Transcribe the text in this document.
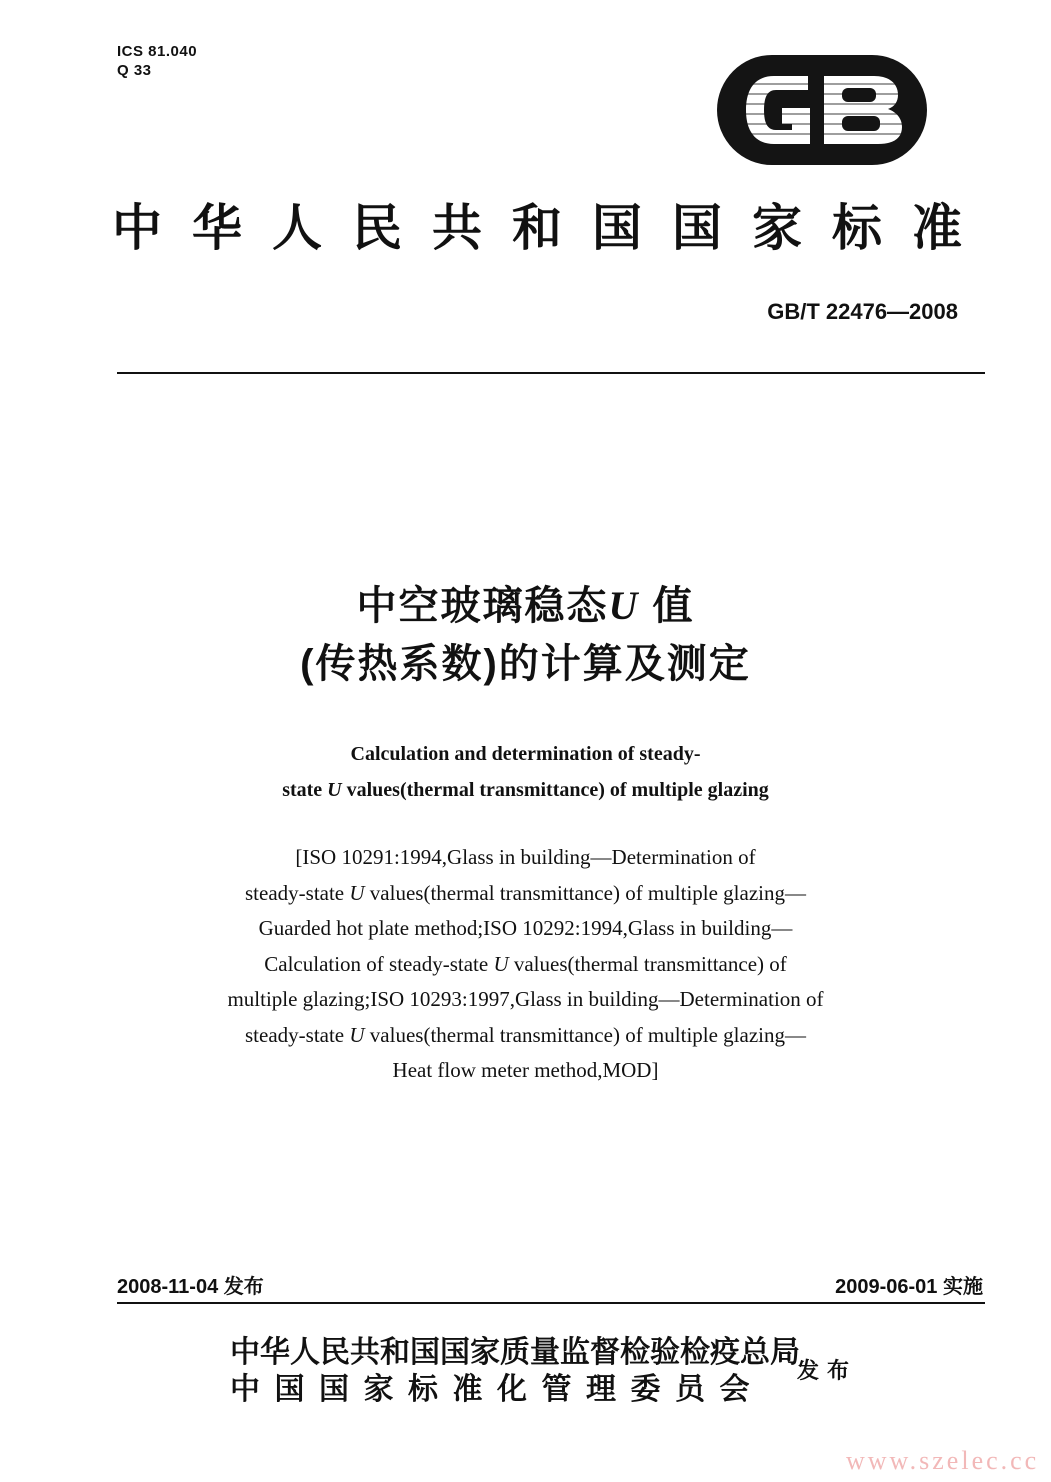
ICS 81.040
Q 33
中华人民共和国国家标准
GB/T 22476—2008
中空玻璃稳态U 值
(传热系数)的计算及测定
Calculation and determination of steady-
state U values(thermal transmittance) of multiple glazing
[ISO 10291:1994,Glass in building—Determination of
steady-state U values(thermal transmittance) of multiple glazing—
Guarded hot plate method;ISO 10292:1994,Glass in building—
Calculation of steady-state U values(thermal transmittance) of
multiple glazing;ISO 10293:1997,Glass in building—Determination of
steady-state U values(thermal transmittance) of multiple glazing—
Heat flow meter method,MOD]
2008-11-04 发布	2009-06-01 实施
中华人民共和国国家质量监督检验检疫总局
中国国家标准化管理委员会
发布
www.szelec.cc
